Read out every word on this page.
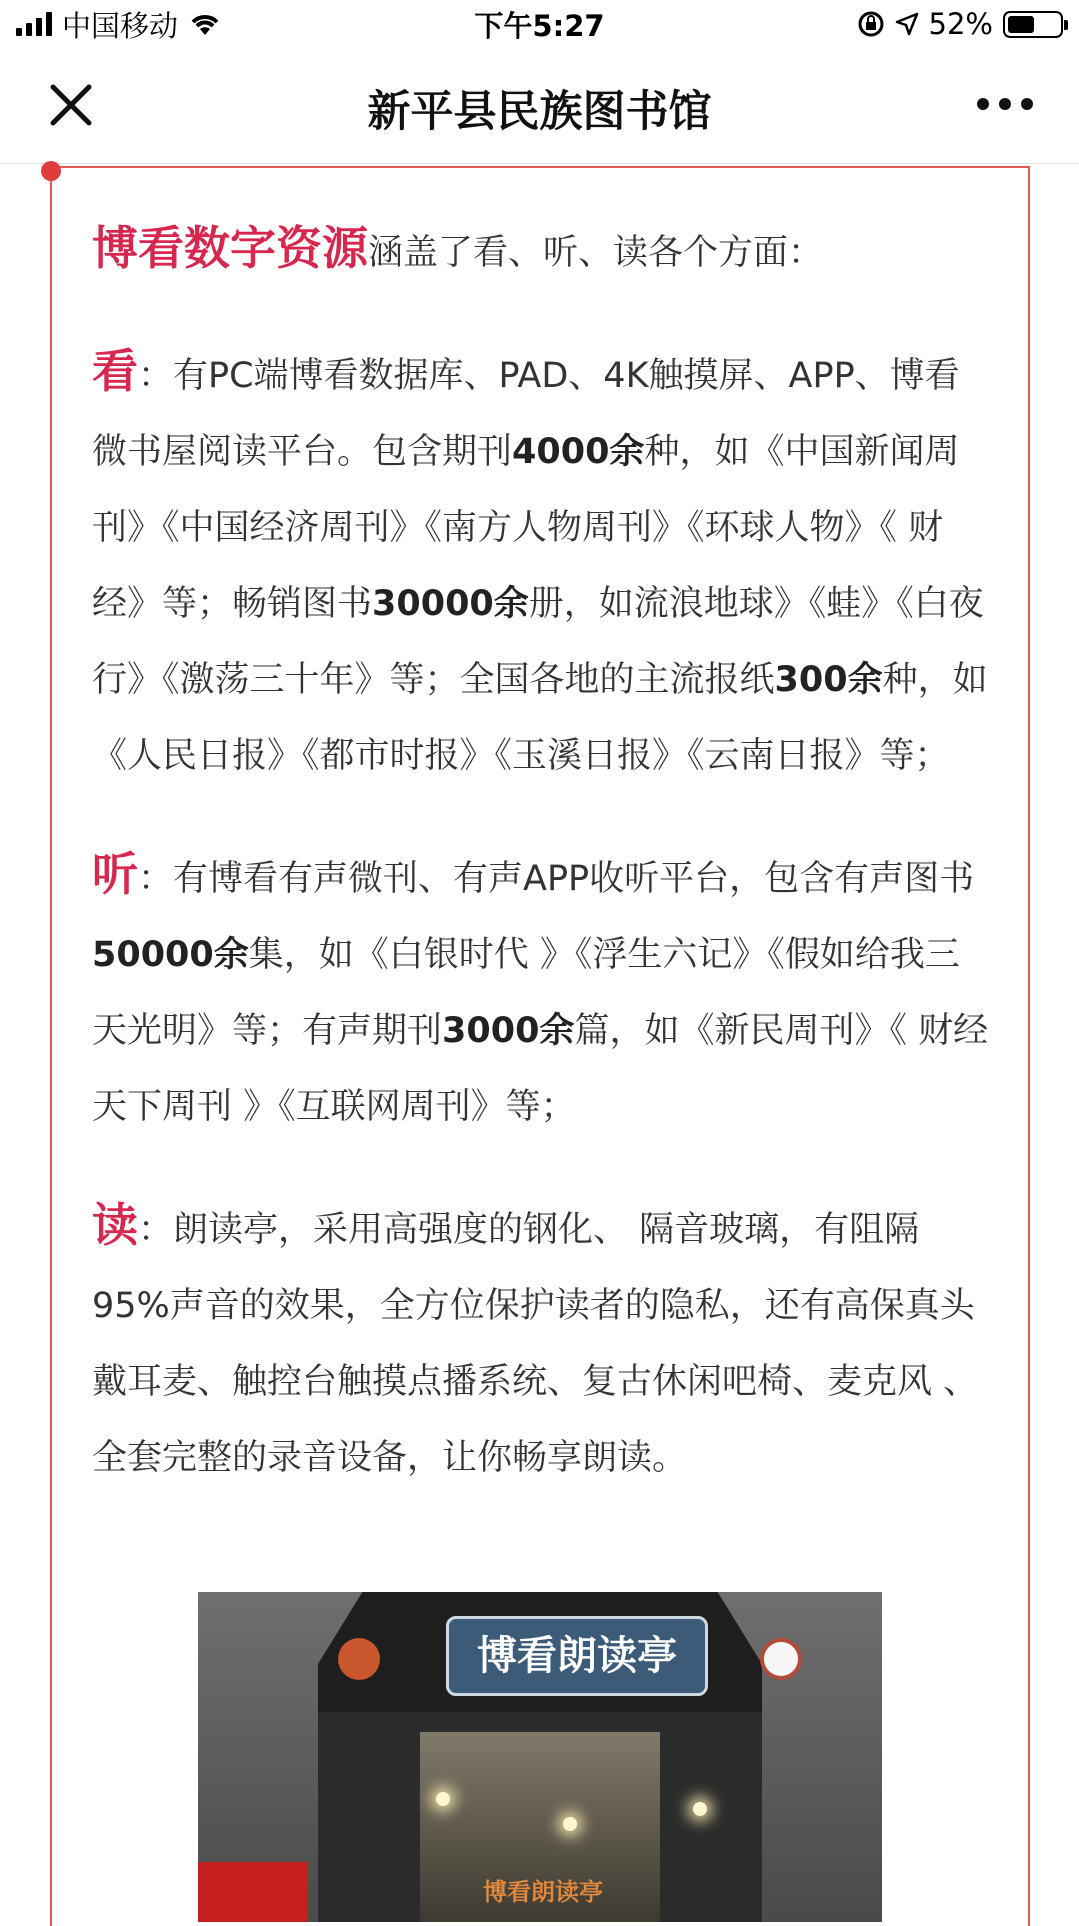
中国移动	下午5:27	52%
新平县民族图书馆

博看数字资源涵盖了看、听、读各个方面：

看：有PC端博看数据库、PAD、4K触摸屏、APP、博看微书屋阅读平台。包含期刊4000余种，如《中国新闻周刊》《中国经济周刊》《南方人物周刊》《环球人物》《 财经》等；畅销图书30000余册，如流浪地球》《蛙》《白夜行》《激荡三十年》等；全国各地的主流报纸300余种，如《人民日报》《都市时报》《玉溪日报》《云南日报》等；

听：有博看有声微刊、有声APP收听平台，包含有声图书50000余集，如《白银时代 》《浮生六记》《假如给我三天光明》等；有声期刊3000余篇，如《新民周刊》《 财经天下周刊 》《互联网周刊》等；

读：朗读亭，采用高强度的钢化、 隔音玻璃，有阻隔95%声音的效果，全方位保护读者的隐私，还有高保真头戴耳麦、触控台触摸点播系统、复古休闲吧椅、麦克风 、全套完整的录音设备，让你畅享朗读。

博看朗读亭
博看朗读亭
